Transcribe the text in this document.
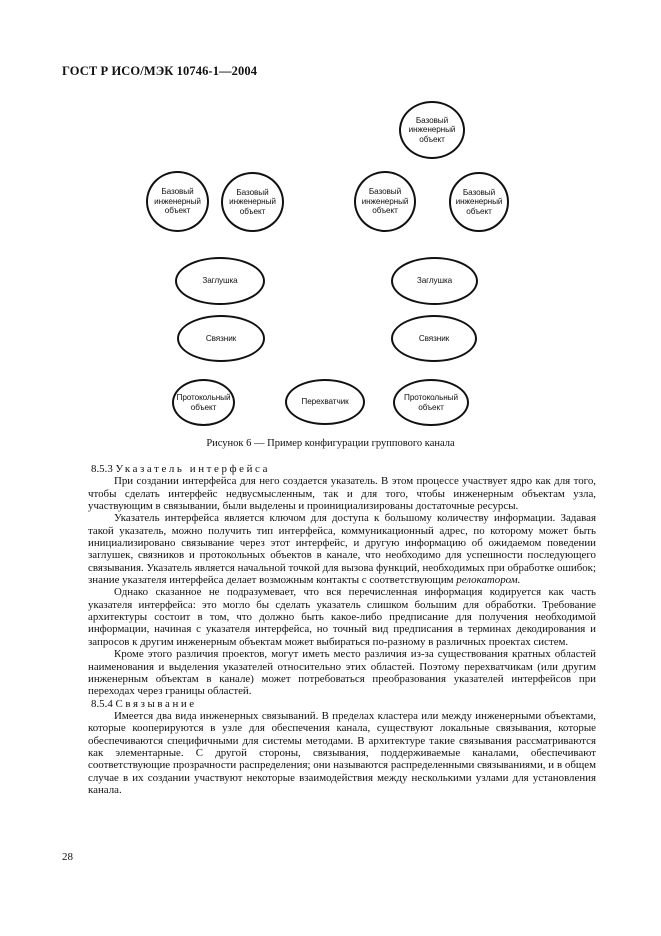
ГОСТ Р ИСО/МЭК 10746-1—2004
Базовый
инженерный
объект
Базовый
инженерный
объект
Базовый
инженерный
объект
Базовый
инженерный
объект
Базовый
инженерный
объект
Заглушка	Заглушка
Связник	Связник
Протокольный
объект
Перехватчик	Протокольный
объект
Рисунок 6 — Пример конфигурации группового канала

8.5.3 Указатель интерфейса

При создании интерфейса для него создается указатель. В этом процессе участвует ядро как для того, чтобы сделать интерфейс недвусмысленным, так и для того, чтобы инженерным объектам узла, участвующим в связывании, были выделены и проинициализированы достаточные ресурсы.

Указатель интерфейса является ключом для доступа к большому количеству информации. Задавая такой указатель, можно получить тип интерфейса, коммуникационный адрес, по которому может быть инициализировано связывание через этот интерфейс, и другую информацию об ожидаемом поведении заглушек, связников и протокольных объектов в канале, что необходимо для успешности последующего связывания. Указатель является начальной точкой для вызова функций, необходимых при обработке ошибок; знание указателя интерфейса делает возможным контакты с соответствующим релокатором.

Однако сказанное не подразумевает, что вся перечисленная информация кодируется как часть указателя интерфейса: это могло бы сделать указатель слишком большим для обработки. Требование архитектуры состоит в том, что должно быть какое-либо предписание для получения необходимой информации, начиная с указателя интерфейса, но точный вид предписания в терминах декодирования и запросов к другим инженерным объектам может выбираться по-разному в различных проектах систем.

Кроме этого различия проектов, могут иметь место различия из-за существования кратных областей наименования и выделения указателей относительно этих областей. Поэтому перехватчикам (или другим инженерным объектам в канале) может потребоваться преобразования указателей интерфейсов при переходах через границы областей.

8.5.4 Связывание

Имеется два вида инженерных связываний. В пределах кластера или между инженерными объектами, которые кооперируются в узле для обеспечения канала, существуют локальные связывания, которые обеспечиваются специфичными для системы методами. В архитектуре такие связывания рассматриваются как элементарные. С другой стороны, связывания, поддерживаемые каналами, обеспечивают соответствующие прозрачности распределения; они называются распределенными связываниями, и в общем случае в их создании участвуют некоторые взаимодействия между несколькими узлами для установления канала.

28
